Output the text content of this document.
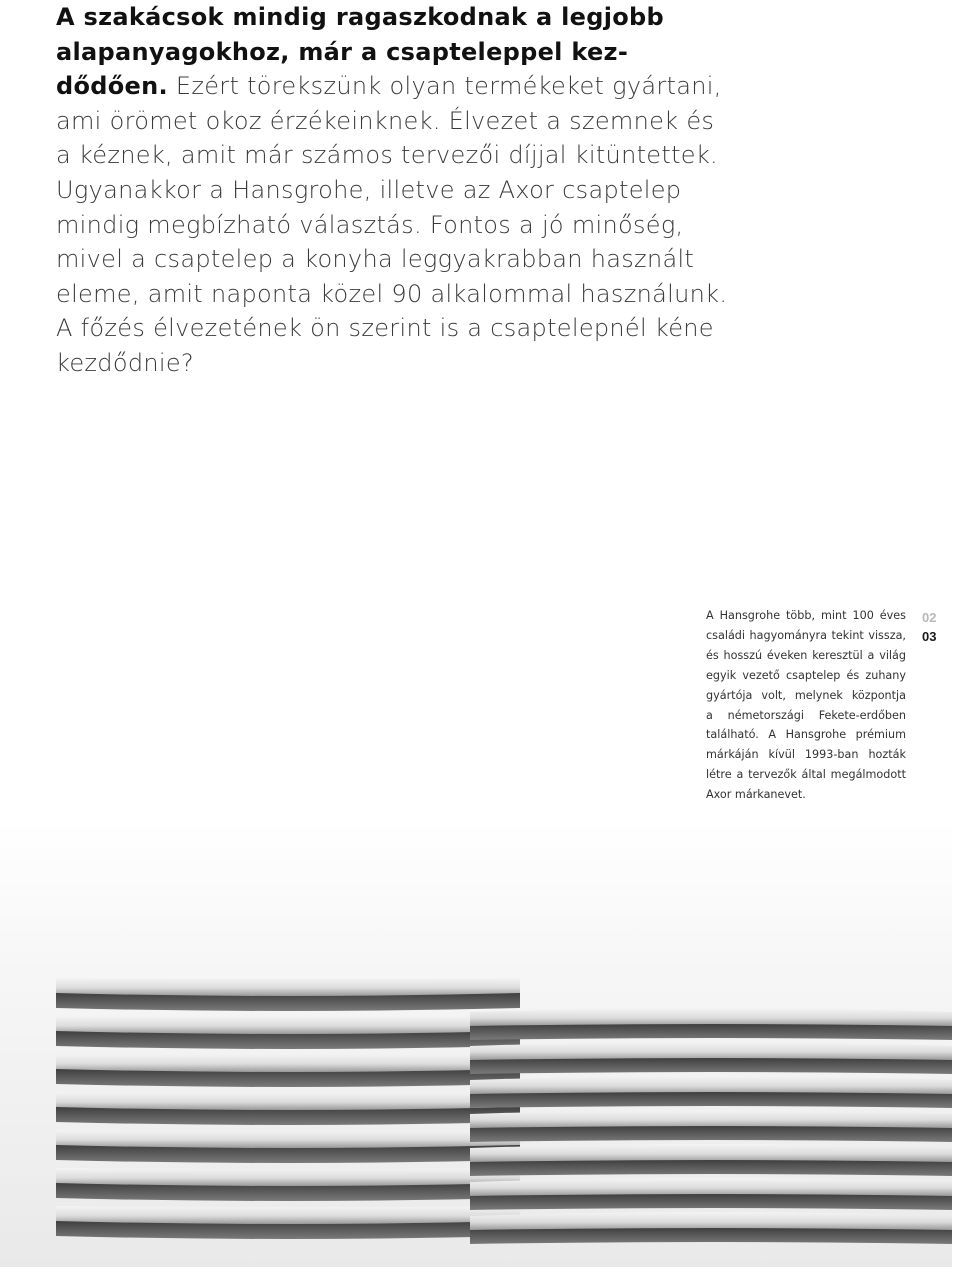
A szakácsok mindig ragaszkodnak a legjobb
alapanyagokhoz, már a csapteleppel kez-
dődően. Ezért törekszünk olyan termékeket gyártani,
ami örömet okoz érzékeinknek. Élvezet a szemnek és
a kéznek, amit már számos tervezői díjjal kitüntettek.
Ugyanakkor a Hansgrohe, illetve az Axor csaptelep
mindig megbízható választás. Fontos a jó minőség,
mivel a csaptelep a konyha leggyakrabban használt
eleme, amit naponta közel 90 alkalommal használunk.
A főzés élvezetének ön szerint is a csaptelepnél kéne
kezdődnie?
A Hansgrohe több, mint 100 éves
családi hagyományra tekint vissza,
és hosszú éveken keresztül a világ
egyik vezető csaptelep és zuhany
gyártója volt, melynek központja
a németországi Fekete-erdőben
található. A Hansgrohe prémium
márkáján kívül 1993-ban hozták
létre a tervezők által megálmodott
Axor márkanevet.
02
03
